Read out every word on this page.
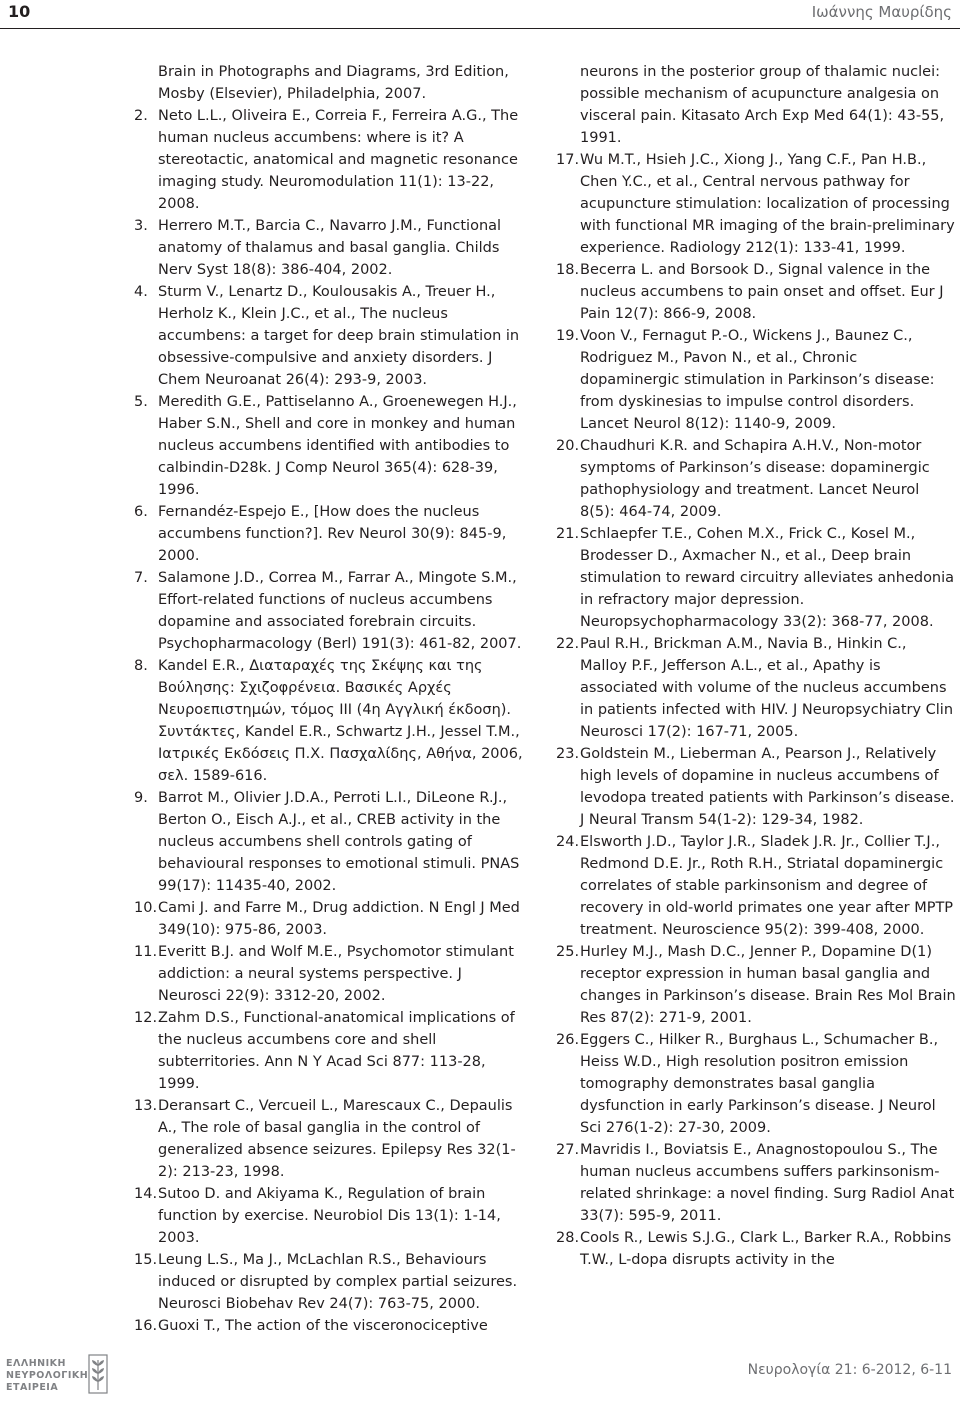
10	Ιωάννης Μαυρίδης
Brain in Photographs and Diagrams, 3rd Edition, Mosby (Elsevier), Philadelphia, 2007.
2. Neto L.L., Oliveira E., Correia F., Ferreira A.G., The human nucleus accumbens: where is it? A stereotactic, anatomical and magnetic resonance imaging study. Neuromodulation 11(1): 13-22, 2008.
3. Herrero M.T., Barcia C., Navarro J.M., Functional anatomy of thalamus and basal ganglia. Childs Nerv Syst 18(8): 386-404, 2002.
4. Sturm V., Lenartz D., Koulousakis A., Treuer H., Herholz K., Klein J.C., et al., The nucleus accumbens: a target for deep brain stimulation in obsessive-compulsive and anxiety disorders. J Chem Neuroanat 26(4): 293-9, 2003.
5. Meredith G.E., Pattiselanno A., Groenewegen H.J., Haber S.N., Shell and core in monkey and human nucleus accumbens identified with antibodies to calbindin-D28k. J Comp Neurol 365(4): 628-39, 1996.
6. Fernandéz-Espejo E., [How does the nucleus accumbens function?]. Rev Neurol 30(9): 845-9, 2000.
7. Salamone J.D., Correa M., Farrar A., Mingote S.M., Effort-related functions of nucleus accumbens dopamine and associated forebrain circuits. Psychopharmacology (Berl) 191(3): 461-82, 2007.
8. Kandel E.R., Διαταραχές της Σκέψης και της Βούλησης: Σχιζοφρένεια. Βασικές Αρχές Νευροεπιστημών, τόμος ΙΙΙ (4η Αγγλική έκδοση). Συντάκτες, Kandel E.R., Schwartz J.H., Jessel T.M., Ιατρικές Εκδόσεις Π.Χ. Πασχαλίδης, Αθήνα, 2006, σελ. 1589-616.
9. Barrot M., Olivier J.D.A., Perroti L.I., DiLeone R.J., Berton O., Eisch A.J., et al., CREB activity in the nucleus accumbens shell controls gating of behavioural responses to emotional stimuli. PNAS 99(17): 11435-40, 2002.
10. Cami J. and Farre M., Drug addiction. N Engl J Med 349(10): 975-86, 2003.
11. Everitt B.J. and Wolf M.E., Psychomotor stimulant addiction: a neural systems perspective. J Neurosci 22(9): 3312-20, 2002.
12. Zahm D.S., Functional-anatomical implications of the nucleus accumbens core and shell subterritories. Ann N Y Acad Sci 877: 113-28, 1999.
13. Deransart C., Vercueil L., Marescaux C., Depaulis A., The role of basal ganglia in the control of generalized absence seizures. Epilepsy Res 32(1-2): 213-23, 1998.
14. Sutoo D. and Akiyama K., Regulation of brain function by exercise. Neurobiol Dis 13(1): 1-14, 2003.
15. Leung L.S., Ma J., McLachlan R.S., Behaviours induced or disrupted by complex partial seizures. Neurosci Biobehav Rev 24(7): 763-75, 2000.
16. Guoxi T., The action of the visceronociceptive
neurons in the posterior group of thalamic nuclei: possible mechanism of acupuncture analgesia on visceral pain. Kitasato Arch Exp Med 64(1): 43-55, 1991.
17. Wu M.T., Hsieh J.C., Xiong J., Yang C.F., Pan H.B., Chen Y.C., et al., Central nervous pathway for acupuncture stimulation: localization of processing with functional MR imaging of the brain-preliminary experience. Radiology 212(1): 133-41, 1999.
18. Becerra L. and Borsook D., Signal valence in the nucleus accumbens to pain onset and offset. Eur J Pain 12(7): 866-9, 2008.
19. Voon V., Fernagut P.-O., Wickens J., Baunez C., Rodriguez M., Pavon N., et al., Chronic dopaminergic stimulation in Parkinson’s disease: from dyskinesias to impulse control disorders. Lancet Neurol 8(12): 1140-9, 2009.
20. Chaudhuri K.R. and Schapira A.H.V., Non-motor symptoms of Parkinson’s disease: dopaminergic pathophysiology and treatment. Lancet Neurol 8(5): 464-74, 2009.
21. Schlaepfer T.E., Cohen M.X., Frick C., Kosel M., Brodesser D., Axmacher N., et al., Deep brain stimulation to reward circuitry alleviates anhedonia in refractory major depression. Neuropsychopharmacology 33(2): 368-77, 2008.
22. Paul R.H., Brickman A.M., Navia B., Hinkin C., Malloy P.F., Jefferson A.L., et al., Apathy is associated with volume of the nucleus accumbens in patients infected with HIV. J Neuropsychiatry Clin Neurosci 17(2): 167-71, 2005.
23. Goldstein M., Lieberman A., Pearson J., Relatively high levels of dopamine in nucleus accumbens of levodopa treated patients with Parkinson’s disease. J Neural Transm 54(1-2): 129-34, 1982.
24. Elsworth J.D., Taylor J.R., Sladek J.R. Jr., Collier T.J., Redmond D.E. Jr., Roth R.H., Striatal dopaminergic correlates of stable parkinsonism and degree of recovery in old-world primates one year after MPTP treatment. Neuroscience 95(2): 399-408, 2000.
25. Hurley M.J., Mash D.C., Jenner P., Dopamine D(1) receptor expression in human basal ganglia and changes in Parkinson’s disease. Brain Res Mol Brain Res 87(2): 271-9, 2001.
26. Eggers C., Hilker R., Burghaus L., Schumacher B., Heiss W.D., High resolution positron emission tomography demonstrates basal ganglia dysfunction in early Parkinson’s disease. J Neurol Sci 276(1-2): 27-30, 2009.
27. Mavridis I., Boviatsis E., Anagnostopoulou S., The human nucleus accumbens suffers parkinsonism-related shrinkage: a novel finding. Surg Radiol Anat 33(7): 595-9, 2011.
28. Cools R., Lewis S.J.G., Clark L., Barker R.A., Robbins T.W., L-dopa disrupts activity in the
ΕΛΛΗΝΙΚΗ
ΝΕΥΡΟΛΟΓΙΚΗ
ΕΤΑΙΡΕΙΑ
Νευρολογία 21: 6-2012, 6-11
